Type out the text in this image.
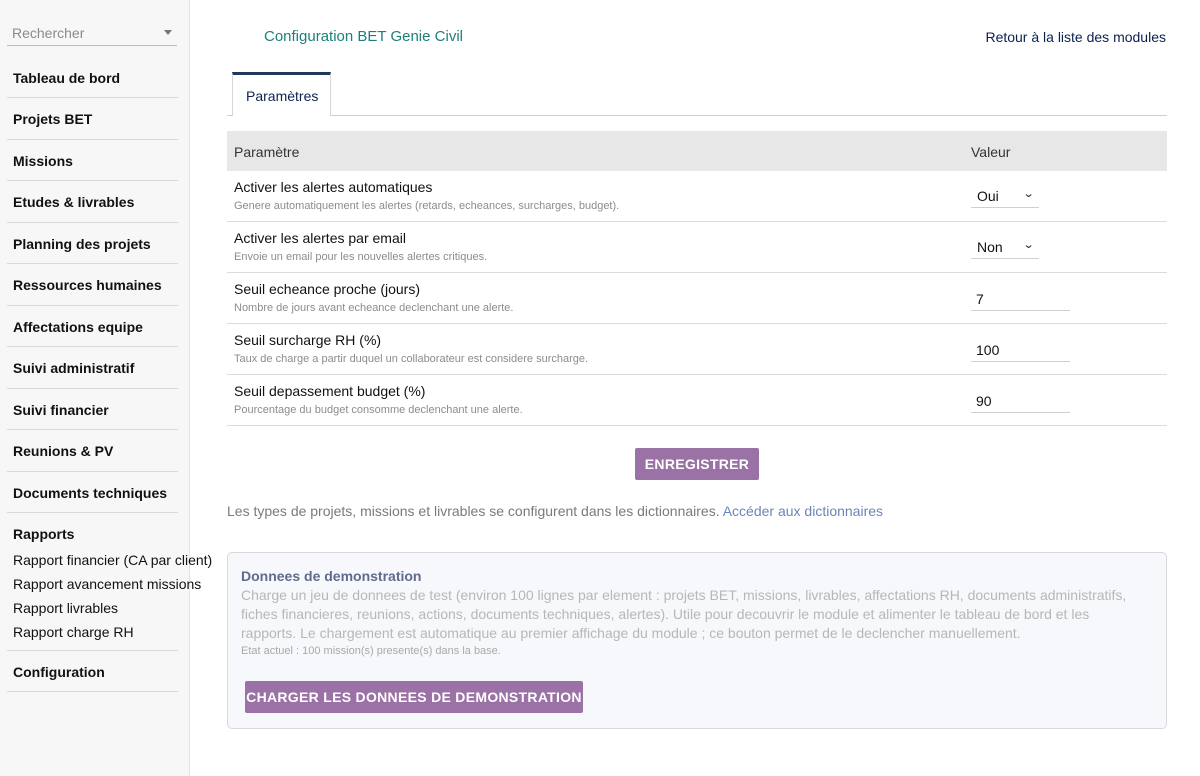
Rechercher
Tableau de bord
Projets BET
Missions
Etudes & livrables
Planning des projets
Ressources humaines
Affectations equipe
Suivi administratif
Suivi financier
Reunions & PV
Documents techniques
Rapports
Rapport financier (CA par client)
Rapport avancement missions
Rapport livrables
Rapport charge RH
Configuration
Configuration BET Genie Civil	Retour à la liste des modules
Paramètres
Paramètre	Valeur
Activer les alertes automatiques
Genere automatiquement les alertes (retards, echeances, surcharges, budget).
Oui ⌄
Activer les alertes par email
Envoie un email pour les nouvelles alertes critiques.
Non ⌄
Seuil echeance proche (jours)
Nombre de jours avant echeance declenchant une alerte.
7
Seuil surcharge RH (%)
Taux de charge a partir duquel un collaborateur est considere surcharge.
100
Seuil depassement budget (%)
Pourcentage du budget consomme declenchant une alerte.
90
ENREGISTRER
Les types de projets, missions et livrables se configurent dans les dictionnaires. Accéder aux dictionnaires
Donnees de demonstration
Charge un jeu de donnees de test (environ 100 lignes par element : projets BET, missions, livrables, affectations RH, documents administratifs, fiches financieres, reunions, actions, documents techniques, alertes). Utile pour decouvrir le module et alimenter le tableau de bord et les rapports. Le chargement est automatique au premier affichage du module ; ce bouton permet de le declencher manuellement.
Etat actuel : 100 mission(s) presente(s) dans la base.
CHARGER LES DONNEES DE DEMONSTRATION
